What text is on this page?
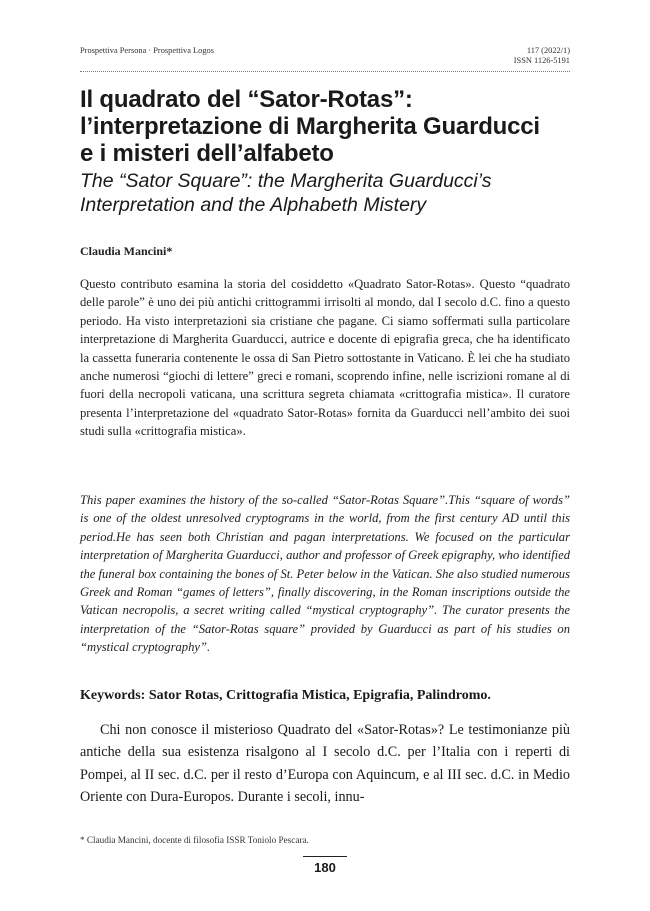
Prospettiva Persona · Prospettiva Logos	117 (2022/1)
ISSN 1126-5191
Il quadrato del “Sator-Rotas”:
l’interpretazione di Margherita Guarducci
e i misteri dell’alfabeto
The “Sator Square”: the Margherita Guarducci’s
Interpretation and the Alphabeth Mistery
Claudia Mancini*

Questo contributo esamina la storia del cosiddetto «Quadrato Sator-Rotas». Questo “quadrato delle parole” è uno dei più antichi crittogrammi irrisolti al mondo, dal I secolo d.C. fino a questo periodo. Ha visto interpretazioni sia cristiane che pagane. Ci siamo soffermati sulla particolare interpretazione di Margherita Guarducci, autrice e docente di epigrafia greca, che ha identificato la cassetta funeraria contenente le ossa di San Pietro sottostante in Vaticano. È lei che ha studiato anche numerosi “giochi di lettere” greci e romani, scoprendo infine, nelle iscrizioni romane al di fuori della necropoli vaticana, una scrittura segreta chiamata «crittografia mistica». Il curatore presenta l’interpretazione del «quadrato Sator-Rotas» fornita da Guarducci nell’ambito dei suoi studi sulla «crittografia mistica».

This paper examines the history of the so-called “Sator-Rotas Square”.This “square of words” is one of the oldest unresolved cryptograms in the world, from the first century AD until this period.He has seen both Christian and pagan interpretations. We focused on the particular interpretation of Margherita Guarducci, author and professor of Greek epigraphy, who identified the funeral box containing the bones of St. Peter below in the Vatican. She also studied numerous Greek and Roman “games of letters”, finally discovering, in the Roman inscriptions outside the Vatican necropolis, a secret writing called “mystical cryptography”. The curator presents the interpretation of the “Sator-Rotas square” provided by Guarducci as part of his studies on “mystical cryptography”.

Keywords: Sator Rotas, Crittografia Mistica, Epigrafia, Palindromo.

Chi non conosce il misterioso Quadrato del «Sator-Rotas»? Le testimonianze più antiche della sua esistenza risalgono al I secolo d.C. per l’Italia con i reperti di Pompei, al II sec. d.C. per il resto d’Europa con Aquincum, e al III sec. d.C. in Medio Oriente con Dura-Europos. Durante i secoli, innu-

* Claudia Mancini, docente di filosofia ISSR Toniolo Pescara.

180
